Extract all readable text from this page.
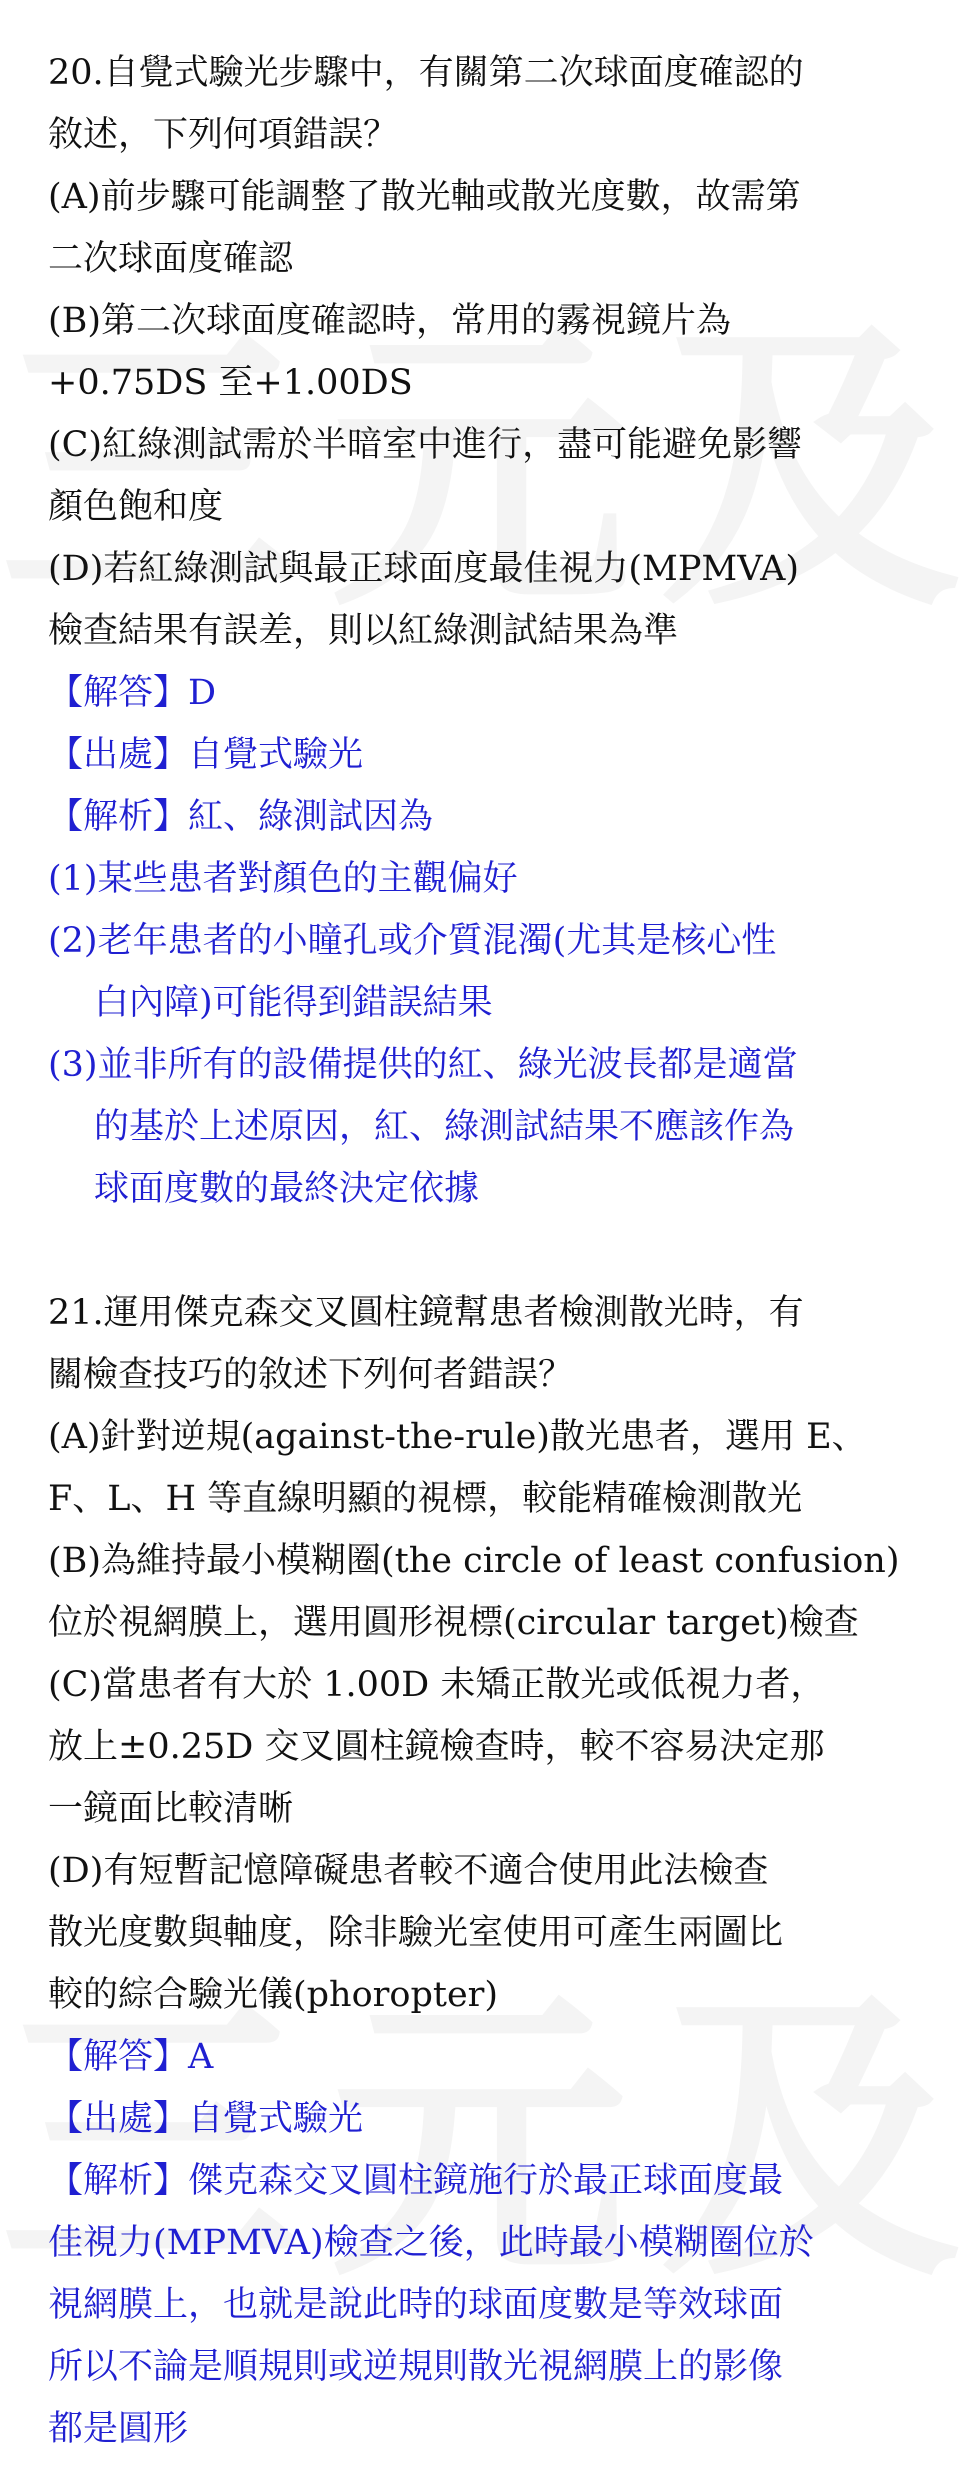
20.自覺式驗光步驟中，有關第二次球面度確認的
敘述，下列何項錯誤？
(A)前步驟可能調整了散光軸或散光度數，故需第
二次球面度確認
(B)第二次球面度確認時，常用的霧視鏡片為
+0.75DS 至+1.00DS
(C)紅綠測試需於半暗室中進行，盡可能避免影響
顏色飽和度
(D)若紅綠測試與最正球面度最佳視力(MPMVA)
檢查結果有誤差，則以紅綠測試結果為準
【解答】D
【出處】自覺式驗光
【解析】紅、綠測試因為
(1)某些患者對顏色的主觀偏好
(2)老年患者的小瞳孔或介質混濁(尤其是核心性
白內障)可能得到錯誤結果
(3)並非所有的設備提供的紅、綠光波長都是適當
的基於上述原因，紅、綠測試結果不應該作為
球面度數的最終決定依據
21.運用傑克森交叉圓柱鏡幫患者檢測散光時，有
關檢查技巧的敘述下列何者錯誤？
(A)針對逆規(against-the-rule)散光患者，選用 E、
F、L、H 等直線明顯的視標，較能精確檢測散光
(B)為維持最小模糊圈(the circle of least confusion)
位於視網膜上，選用圓形視標(circular target)檢查
(C)當患者有大於 1.00D 未矯正散光或低視力者，
放上±0.25D 交叉圓柱鏡檢查時，較不容易決定那
一鏡面比較清晰
(D)有短暫記憶障礙患者較不適合使用此法檢查
散光度數與軸度，除非驗光室使用可產生兩圖比
較的綜合驗光儀(phoropter)
【解答】A
【出處】自覺式驗光
【解析】傑克森交叉圓柱鏡施行於最正球面度最
佳視力(MPMVA)檢查之後，此時最小模糊圈位於
視網膜上，也就是說此時的球面度數是等效球面
所以不論是順規則或逆規則散光視網膜上的影像
都是圓形
